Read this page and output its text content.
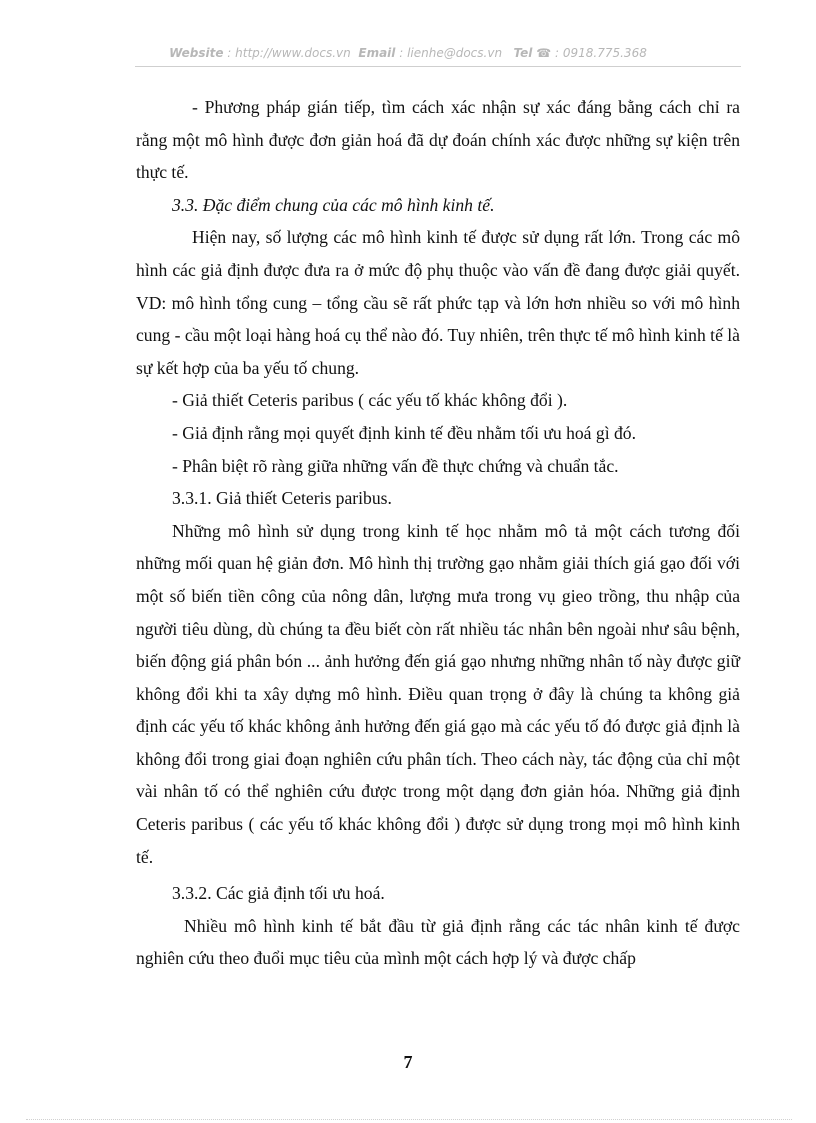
Website : http://www.docs.vn Email : lienhe@docs.vn Tel ☎ : 0918.775.368

- Phương pháp gián tiếp, tìm cách xác nhận sự xác đáng bằng cách chỉ ra rằng một mô hình được đơn giản hoá đã dự đoán chính xác được những sự kiện trên thực tế.

3.3. Đặc điểm chung của các mô hình kinh tế.

Hiện nay, số lượng các mô hình kinh tế được sử dụng rất lớn. Trong các mô hình các giả định được đưa ra ở mức độ phụ thuộc vào vấn đề đang được giải quyết. VD: mô hình tổng cung – tổng cầu sẽ rất phức tạp và lớn hơn nhiều so với mô hình cung - cầu một loại hàng hoá cụ thể nào đó. Tuy nhiên, trên thực tế mô hình kinh tế là sự kết hợp của ba yếu tố chung.

- Giả thiết Ceteris paribus ( các yếu tố khác không đổi ).

- Giả định rằng mọi quyết định kinh tế đều nhằm tối ưu hoá gì đó.

- Phân biệt rõ ràng giữa những vấn đề thực chứng và chuẩn tắc.

3.3.1. Giả thiết Ceteris paribus.

Những mô hình sử dụng trong kinh tế học nhằm mô tả một cách tương đối những mối quan hệ giản đơn. Mô hình thị trường gạo nhằm giải thích giá gạo đối với một số biến tiền công của nông dân, lượng mưa trong vụ gieo trồng, thu nhập của người tiêu dùng, dù chúng ta đều biết còn rất nhiều tác nhân bên ngoài như sâu bệnh, biến động giá phân bón ... ảnh hưởng đến giá gạo nhưng những nhân tố này được giữ không đổi khi ta xây dựng mô hình. Điều quan trọng ở đây là chúng ta không giả định các yếu tố khác không ảnh hưởng đến giá gạo mà các yếu tố đó được giả định là không đổi trong giai đoạn nghiên cứu phân tích. Theo cách này, tác động của chỉ một vài nhân tố có thể nghiên cứu được trong một dạng đơn giản hóa. Những giả định Ceteris paribus ( các yếu tố khác không đổi ) được sử dụng trong mọi mô hình kinh tế.

3.3.2. Các giả định tối ưu hoá.

Nhiều mô hình kinh tế bắt đầu từ giả định rằng các tác nhân kinh tế được nghiên cứu theo đuổi mục tiêu của mình một cách hợp lý và được chấp

7
